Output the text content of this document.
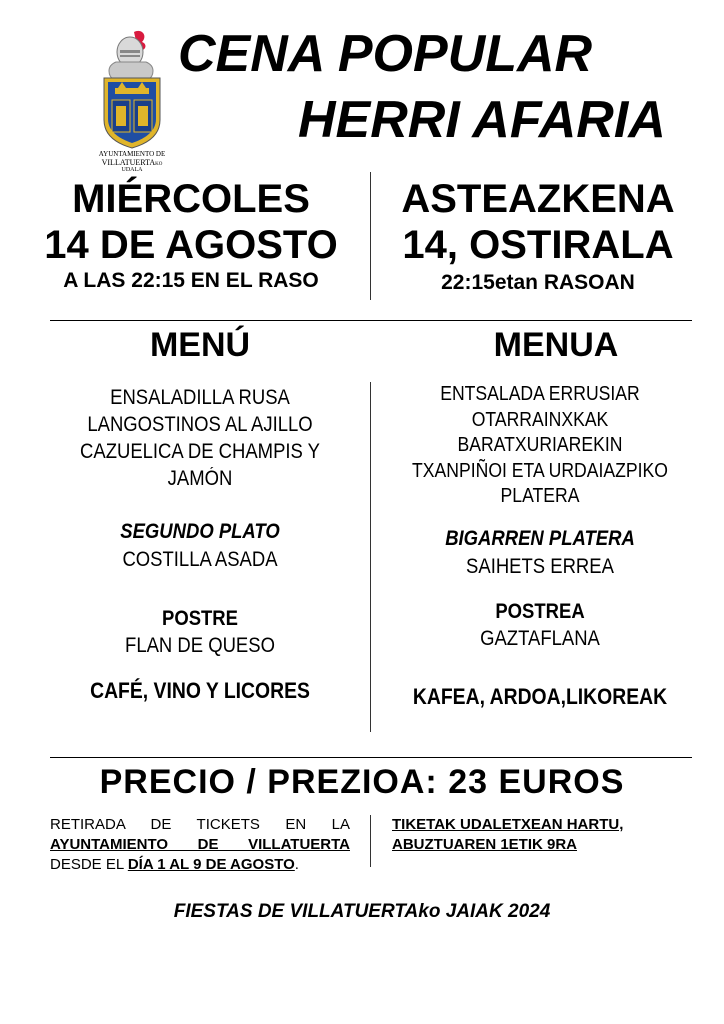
AYUNTAMIENTO DE
VILLATUERTAKO
UDALA
CENA POPULAR
HERRI AFARIA
MIÉRCOLES
14 DE AGOSTO
A LAS 22:15 EN EL RASO
ASTEAZKENA
14, OSTIRALA
22:15etan RASOAN
MENÚ	MENUA
ENSALADILLA RUSA
LANGOSTINOS AL AJILLO
CAZUELICA DE CHAMPIS Y
JAMÓN
SEGUNDO PLATO
COSTILLA ASADA
POSTRE
FLAN DE QUESO
CAFÉ, VINO Y LICORES
ENTSALADA ERRUSIAR
OTARRAINXKAK
BARATXURIAREKIN
TXANPIÑOI ETA URDAIAZPIKO
PLATERA
BIGARREN PLATERA
SAIHETS ERREA
POSTREA
GAZTAFLANA
KAFEA, ARDOA,LIKOREAK
PRECIO / PREZIOA: 23 EUROS
RETIRADA DE TICKETS EN LA
AYUNTAMIENTO DE VILLATUERTA
DESDE EL DÍA 1 AL 9 DE AGOSTO.
TIKETAK UDALETXEAN HARTU,
ABUZTUAREN 1ETIK 9RA
FIESTAS DE VILLATUERTAko JAIAK 2024
